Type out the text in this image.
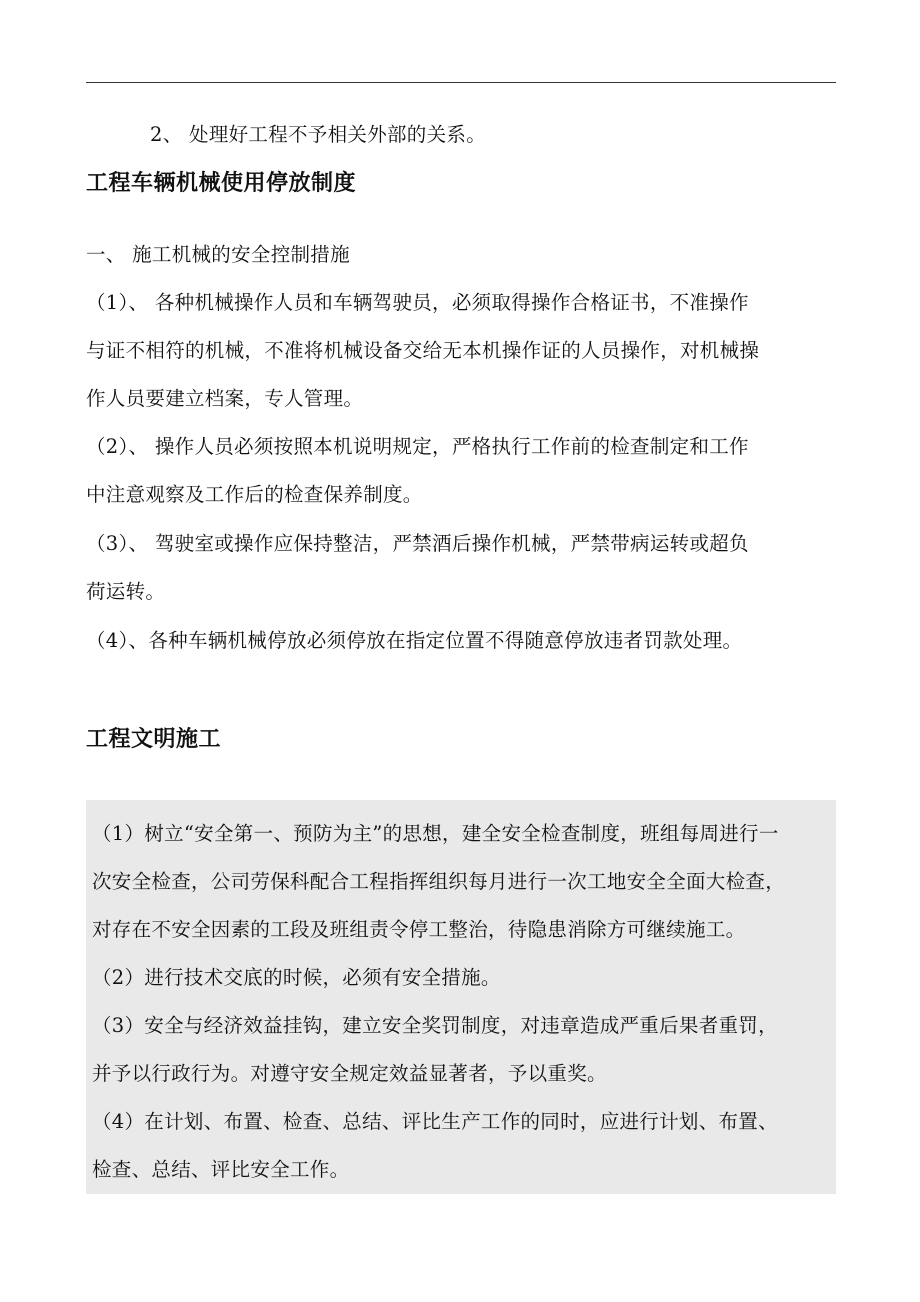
2、 处理好工程不予相关外部的关系。

工程车辆机械使用停放制度

一、 施工机械的安全控制措施

（1）、 各种机械操作人员和车辆驾驶员，必须取得操作合格证书，不准操作
与证不相符的机械，不准将机械设备交给无本机操作证的人员操作，对机械操
作人员要建立档案，专人管理。

（2）、 操作人员必须按照本机说明规定，严格执行工作前的检查制定和工作
中注意观察及工作后的检查保养制度。

（3）、 驾驶室或操作应保持整洁，严禁酒后操作机械，严禁带病运转或超负
荷运转。

（4）、各种车辆机械停放必须停放在指定位置不得随意停放违者罚款处理。

工程文明施工

（1）树立“安全第一、预防为主”的思想，建全安全检查制度，班组每周进行一
次安全检查，公司劳保科配合工程指挥组织每月进行一次工地安全全面大检查，
对存在不安全因素的工段及班组责令停工整治，待隐患消除方可继续施工。

（2）进行技术交底的时候，必须有安全措施。

（3）安全与经济效益挂钩，建立安全奖罚制度，对违章造成严重后果者重罚，
并予以行政行为。对遵守安全规定效益显著者，予以重奖。

（4）在计划、布置、检查、总结、评比生产工作的同时，应进行计划、布置、
检查、总结、评比安全工作。
